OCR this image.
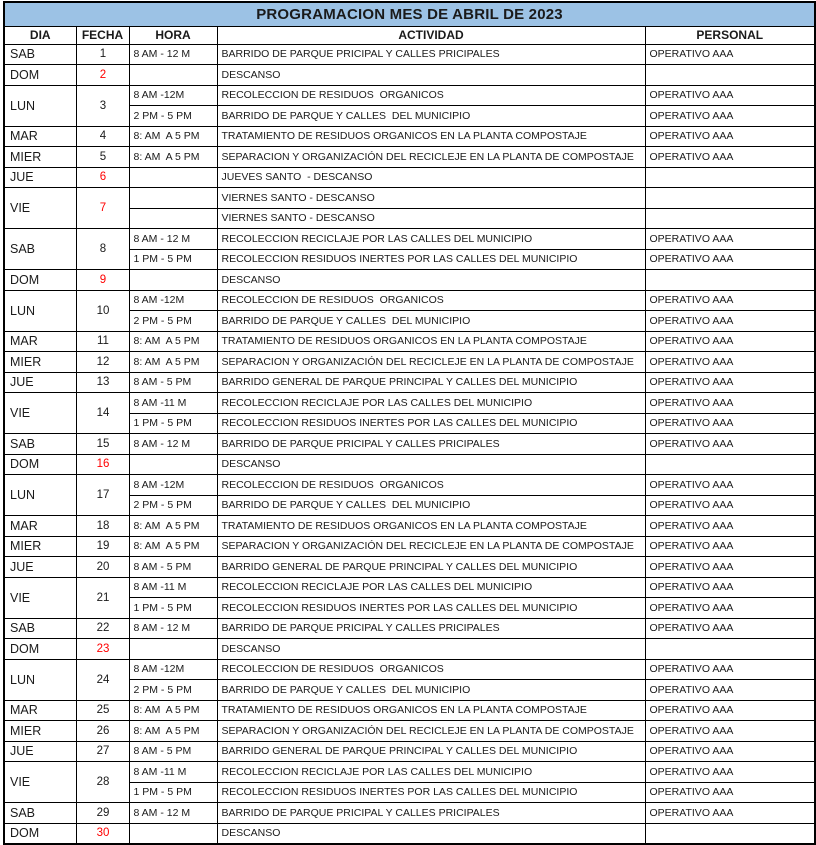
PROGRAMACION MES DE ABRIL DE 2023				
DIA	FECHA	HORA	ACTIVIDAD	PERSONAL
SAB	1	8 AM - 12 M	BARRIDO DE PARQUE PRICIPAL Y CALLES PRICIPALES	OPERATIVO AAA
DOM	2		DESCANSO	
LUN	3	8 AM -12M	RECOLECCION DE RESIDUOS  ORGANICOS	OPERATIVO AAA
		2 PM - 5 PM	BARRIDO DE PARQUE Y CALLES  DEL MUNICIPIO	OPERATIVO AAA
MAR	4	8: AM  A 5 PM	TRATAMIENTO DE RESIDUOS ORGANICOS EN LA PLANTA COMPOSTAJE	OPERATIVO AAA
MIER	5	8: AM  A 5 PM	SEPARACION Y ORGANIZACIÓN DEL RECICLEJE EN LA PLANTA DE COMPOSTAJE	OPERATIVO AAA
JUE	6		JUEVES SANTO  - DESCANSO	
VIE	7		VIERNES SANTO - DESCANSO	
			VIERNES SANTO - DESCANSO	
SAB	8	8 AM - 12 M	RECOLECCION RECICLAJE POR LAS CALLES DEL MUNICIPIO	OPERATIVO AAA
		1 PM - 5 PM	RECOLECCION RESIDUOS INERTES POR LAS CALLES DEL MUNICIPIO	OPERATIVO AAA
DOM	9		DESCANSO	
LUN	10	8 AM -12M	RECOLECCION DE RESIDUOS  ORGANICOS	OPERATIVO AAA
		2 PM - 5 PM	BARRIDO DE PARQUE Y CALLES  DEL MUNICIPIO	OPERATIVO AAA
MAR	11	8: AM  A 5 PM	TRATAMIENTO DE RESIDUOS ORGANICOS EN LA PLANTA COMPOSTAJE	OPERATIVO AAA
MIER	12	8: AM  A 5 PM	SEPARACION Y ORGANIZACIÓN DEL RECICLEJE EN LA PLANTA DE COMPOSTAJE	OPERATIVO AAA
JUE	13	8 AM - 5 PM	BARRIDO GENERAL DE PARQUE PRINCIPAL Y CALLES DEL MUNICIPIO	OPERATIVO AAA
VIE	14	8 AM -11 M	RECOLECCION RECICLAJE POR LAS CALLES DEL MUNICIPIO	OPERATIVO AAA
		1 PM - 5 PM	RECOLECCION RESIDUOS INERTES POR LAS CALLES DEL MUNICIPIO	OPERATIVO AAA
SAB	15	8 AM - 12 M	BARRIDO DE PARQUE PRICIPAL Y CALLES PRICIPALES	OPERATIVO AAA
DOM	16		DESCANSO	
LUN	17	8 AM -12M	RECOLECCION DE RESIDUOS  ORGANICOS	OPERATIVO AAA
		2 PM - 5 PM	BARRIDO DE PARQUE Y CALLES  DEL MUNICIPIO	OPERATIVO AAA
MAR	18	8: AM  A 5 PM	TRATAMIENTO DE RESIDUOS ORGANICOS EN LA PLANTA COMPOSTAJE	OPERATIVO AAA
MIER	19	8: AM  A 5 PM	SEPARACION Y ORGANIZACIÓN DEL RECICLEJE EN LA PLANTA DE COMPOSTAJE	OPERATIVO AAA
JUE	20	8 AM - 5 PM	BARRIDO GENERAL DE PARQUE PRINCIPAL Y CALLES DEL MUNICIPIO	OPERATIVO AAA
VIE	21	8 AM -11 M	RECOLECCION RECICLAJE POR LAS CALLES DEL MUNICIPIO	OPERATIVO AAA
		1 PM - 5 PM	RECOLECCION RESIDUOS INERTES POR LAS CALLES DEL MUNICIPIO	OPERATIVO AAA
SAB	22	8 AM - 12 M	BARRIDO DE PARQUE PRICIPAL Y CALLES PRICIPALES	OPERATIVO AAA
DOM	23		DESCANSO	
LUN	24	8 AM -12M	RECOLECCION DE RESIDUOS  ORGANICOS	OPERATIVO AAA
		2 PM - 5 PM	BARRIDO DE PARQUE Y CALLES  DEL MUNICIPIO	OPERATIVO AAA
MAR	25	8: AM  A 5 PM	TRATAMIENTO DE RESIDUOS ORGANICOS EN LA PLANTA COMPOSTAJE	OPERATIVO AAA
MIER	26	8: AM  A 5 PM	SEPARACION Y ORGANIZACIÓN DEL RECICLEJE EN LA PLANTA DE COMPOSTAJE	OPERATIVO AAA
JUE	27	8 AM - 5 PM	BARRIDO GENERAL DE PARQUE PRINCIPAL Y CALLES DEL MUNICIPIO	OPERATIVO AAA
VIE	28	8 AM -11 M	RECOLECCION RECICLAJE POR LAS CALLES DEL MUNICIPIO	OPERATIVO AAA
		1 PM - 5 PM	RECOLECCION RESIDUOS INERTES POR LAS CALLES DEL MUNICIPIO	OPERATIVO AAA
SAB	29	8 AM - 12 M	BARRIDO DE PARQUE PRICIPAL Y CALLES PRICIPALES	OPERATIVO AAA
DOM	30		DESCANSO	
